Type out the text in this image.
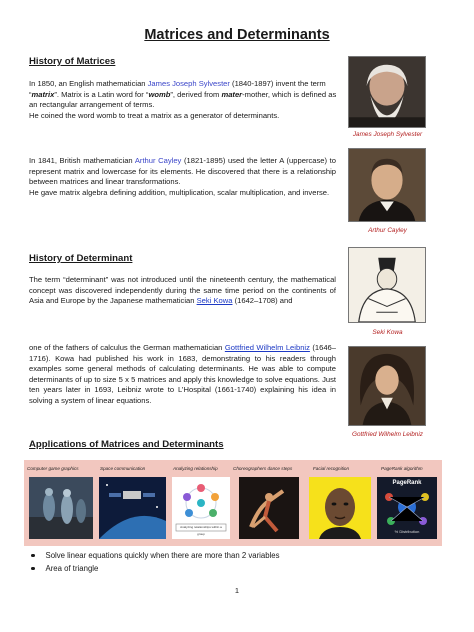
Matrices and Determinants
History of Matrices
In 1850, an English mathematician James Joseph Sylvester (1840-1897) invent the term “matrix”. Matrix is a Latin word for “womb”, derived from mater-mother, which is defined as an rectangular arrangement of terms.
He coined the word womb to treat a matrix as a generator of determinants.
James Joseph Sylvester
In 1841, British mathematician Arthur Cayley (1821-1895) used the letter A (uppercase) to represent matrix and lowercase for its elements. He discovered that there is a relationship between matrices and linear transformations.
He gave matrix algebra defining addition, multiplication, scalar multiplication, and inverse.
Arthur Cayley
History of Determinant
The term “determinant” was not introduced until the nineteenth century, the mathematical concept was discovered independently during the same time period on the continents of Asia and Europe by the Japanese mathematician Seki Kowa (1642–1708) and
Seki Kowa
one of the fathers of calculus the German mathematician Gottfried Wilhelm Leibniz (1646–1716). Kowa had published his work in 1683, demonstrating to his readers through examples some general methods of calculating determinants. He was able to compute determinants of up to size 5 x 5 matrices and apply this knowledge to solve equations. Just ten years later in 1693, Leibniz wrote to L’Hospital (1661-1740) explaining his idea in solving a system of linear equations.
Gottfried Wilhelm Leibniz
Applications of Matrices and Determinants
Computer game graphics	Space communication	Analyzing relationship	Choreographers dance steps	Facial recognition	PageRank algorithm
Analyzing relationships within a group
PageRank
% Distribution
Solve linear equations quickly when there are more than 2 variables
Area of triangle
1
